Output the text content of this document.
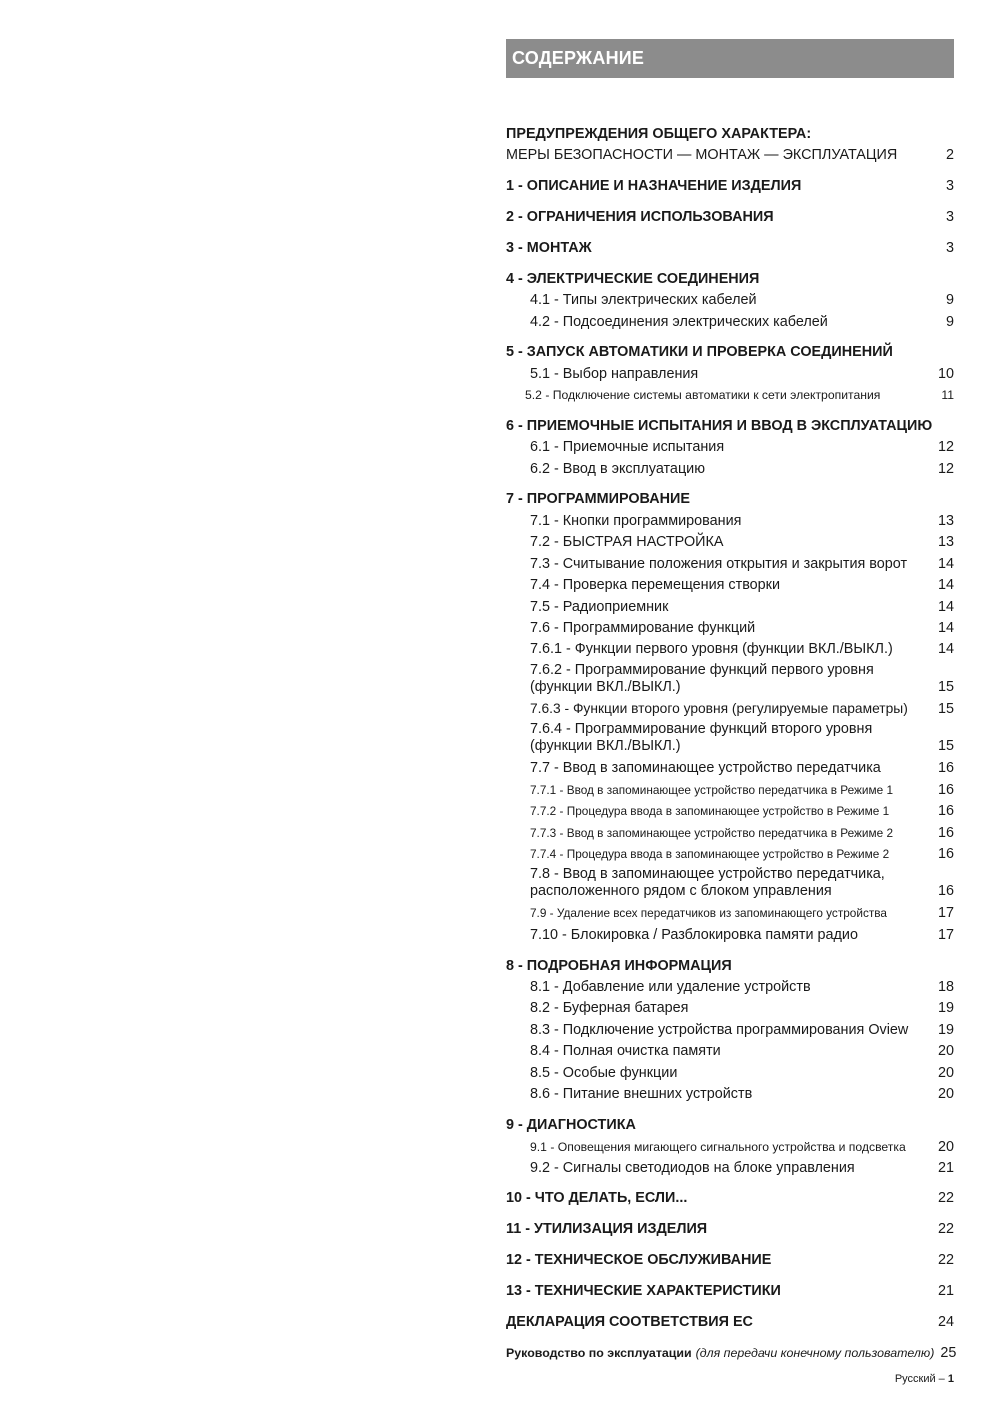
СОДЕРЖАНИЕ
ПРЕДУПРЕЖДЕНИЯ ОБЩЕГО ХАРАКТЕРА:
МЕРЫ БЕЗОПАСНОСТИ — МОНТАЖ — ЭКСПЛУАТАЦИЯ	2
1 - ОПИСАНИЕ И НАЗНАЧЕНИЕ ИЗДЕЛИЯ	3
2 - ОГРАНИЧЕНИЯ ИСПОЛЬЗОВАНИЯ	3
3 - МОНТАЖ	3
4 - ЭЛЕКТРИЧЕСКИЕ СОЕДИНЕНИЯ
4.1 - Типы электрических кабелей	9
4.2 - Подсоединения электрических кабелей	9
5 - ЗАПУСК АВТОМАТИКИ И ПРОВЕРКА СОЕДИНЕНИЙ
5.1 - Выбор направления	10
5.2 - Подключение системы автоматики к сети электропитания	11
6 - ПРИЕМОЧНЫЕ ИСПЫТАНИЯ И ВВОД В ЭКСПЛУАТАЦИЮ
6.1 - Приемочные испытания	12
6.2 - Ввод в эксплуатацию	12
7 - ПРОГРАММИРОВАНИЕ
7.1 - Кнопки программирования	13
7.2 - БЫСТРАЯ НАСТРОЙКА	13
7.3 - Считывание положения открытия и закрытия ворот	14
7.4 - Проверка перемещения створки	14
7.5 - Радиоприемник	14
7.6 - Программирование функций	14
7.6.1 - Функции первого уровня (функции ВКЛ./ВЫКЛ.)	14
7.6.2 - Программирование функций первого уровня (функции ВКЛ./ВЫКЛ.)	15
7.6.3 - Функции второго уровня (регулируемые параметры)	15
7.6.4 - Программирование функций второго уровня (функции ВКЛ./ВЫКЛ.)	15
7.7 - Ввод в запоминающее устройство передатчика	16
7.7.1 - Ввод в запоминающее устройство передатчика в Режиме 1	16
7.7.2 - Процедура ввода в запоминающее устройство в Режиме 1	16
7.7.3 - Ввод в запоминающее устройство передатчика в Режиме 2	16
7.7.4 - Процедура ввода в запоминающее устройство в Режиме 2	16
7.8 - Ввод в запоминающее устройство передатчика, расположенного рядом с блоком управления	16
7.9 - Удаление всех передатчиков из запоминающего устройства	17
7.10 - Блокировка / Разблокировка памяти радио	17
8 - ПОДРОБНАЯ ИНФОРМАЦИЯ
8.1 - Добавление или удаление устройств	18
8.2 - Буферная батарея	19
8.3 - Подключение устройства программирования Oview	19
8.4 - Полная очистка памяти	20
8.5 - Особые функции	20
8.6 - Питание внешних устройств	20
9 - ДИАГНОСТИКА
9.1 - Оповещения мигающего сигнального устройства и подсветка	20
9.2 - Сигналы светодиодов на блоке управления	21
10 - ЧТО ДЕЛАТЬ, ЕСЛИ...	22
11 - УТИЛИЗАЦИЯ ИЗДЕЛИЯ	22
12 - ТЕХНИЧЕСКОЕ ОБСЛУЖИВАНИЕ	22
13 - ТЕХНИЧЕСКИЕ ХАРАКТЕРИСТИКИ	21
ДЕКЛАРАЦИЯ СООТВЕТСТВИЯ ЕС	24
Руководство по эксплуатации (для передачи конечному пользователю) 25
Русский – 1
